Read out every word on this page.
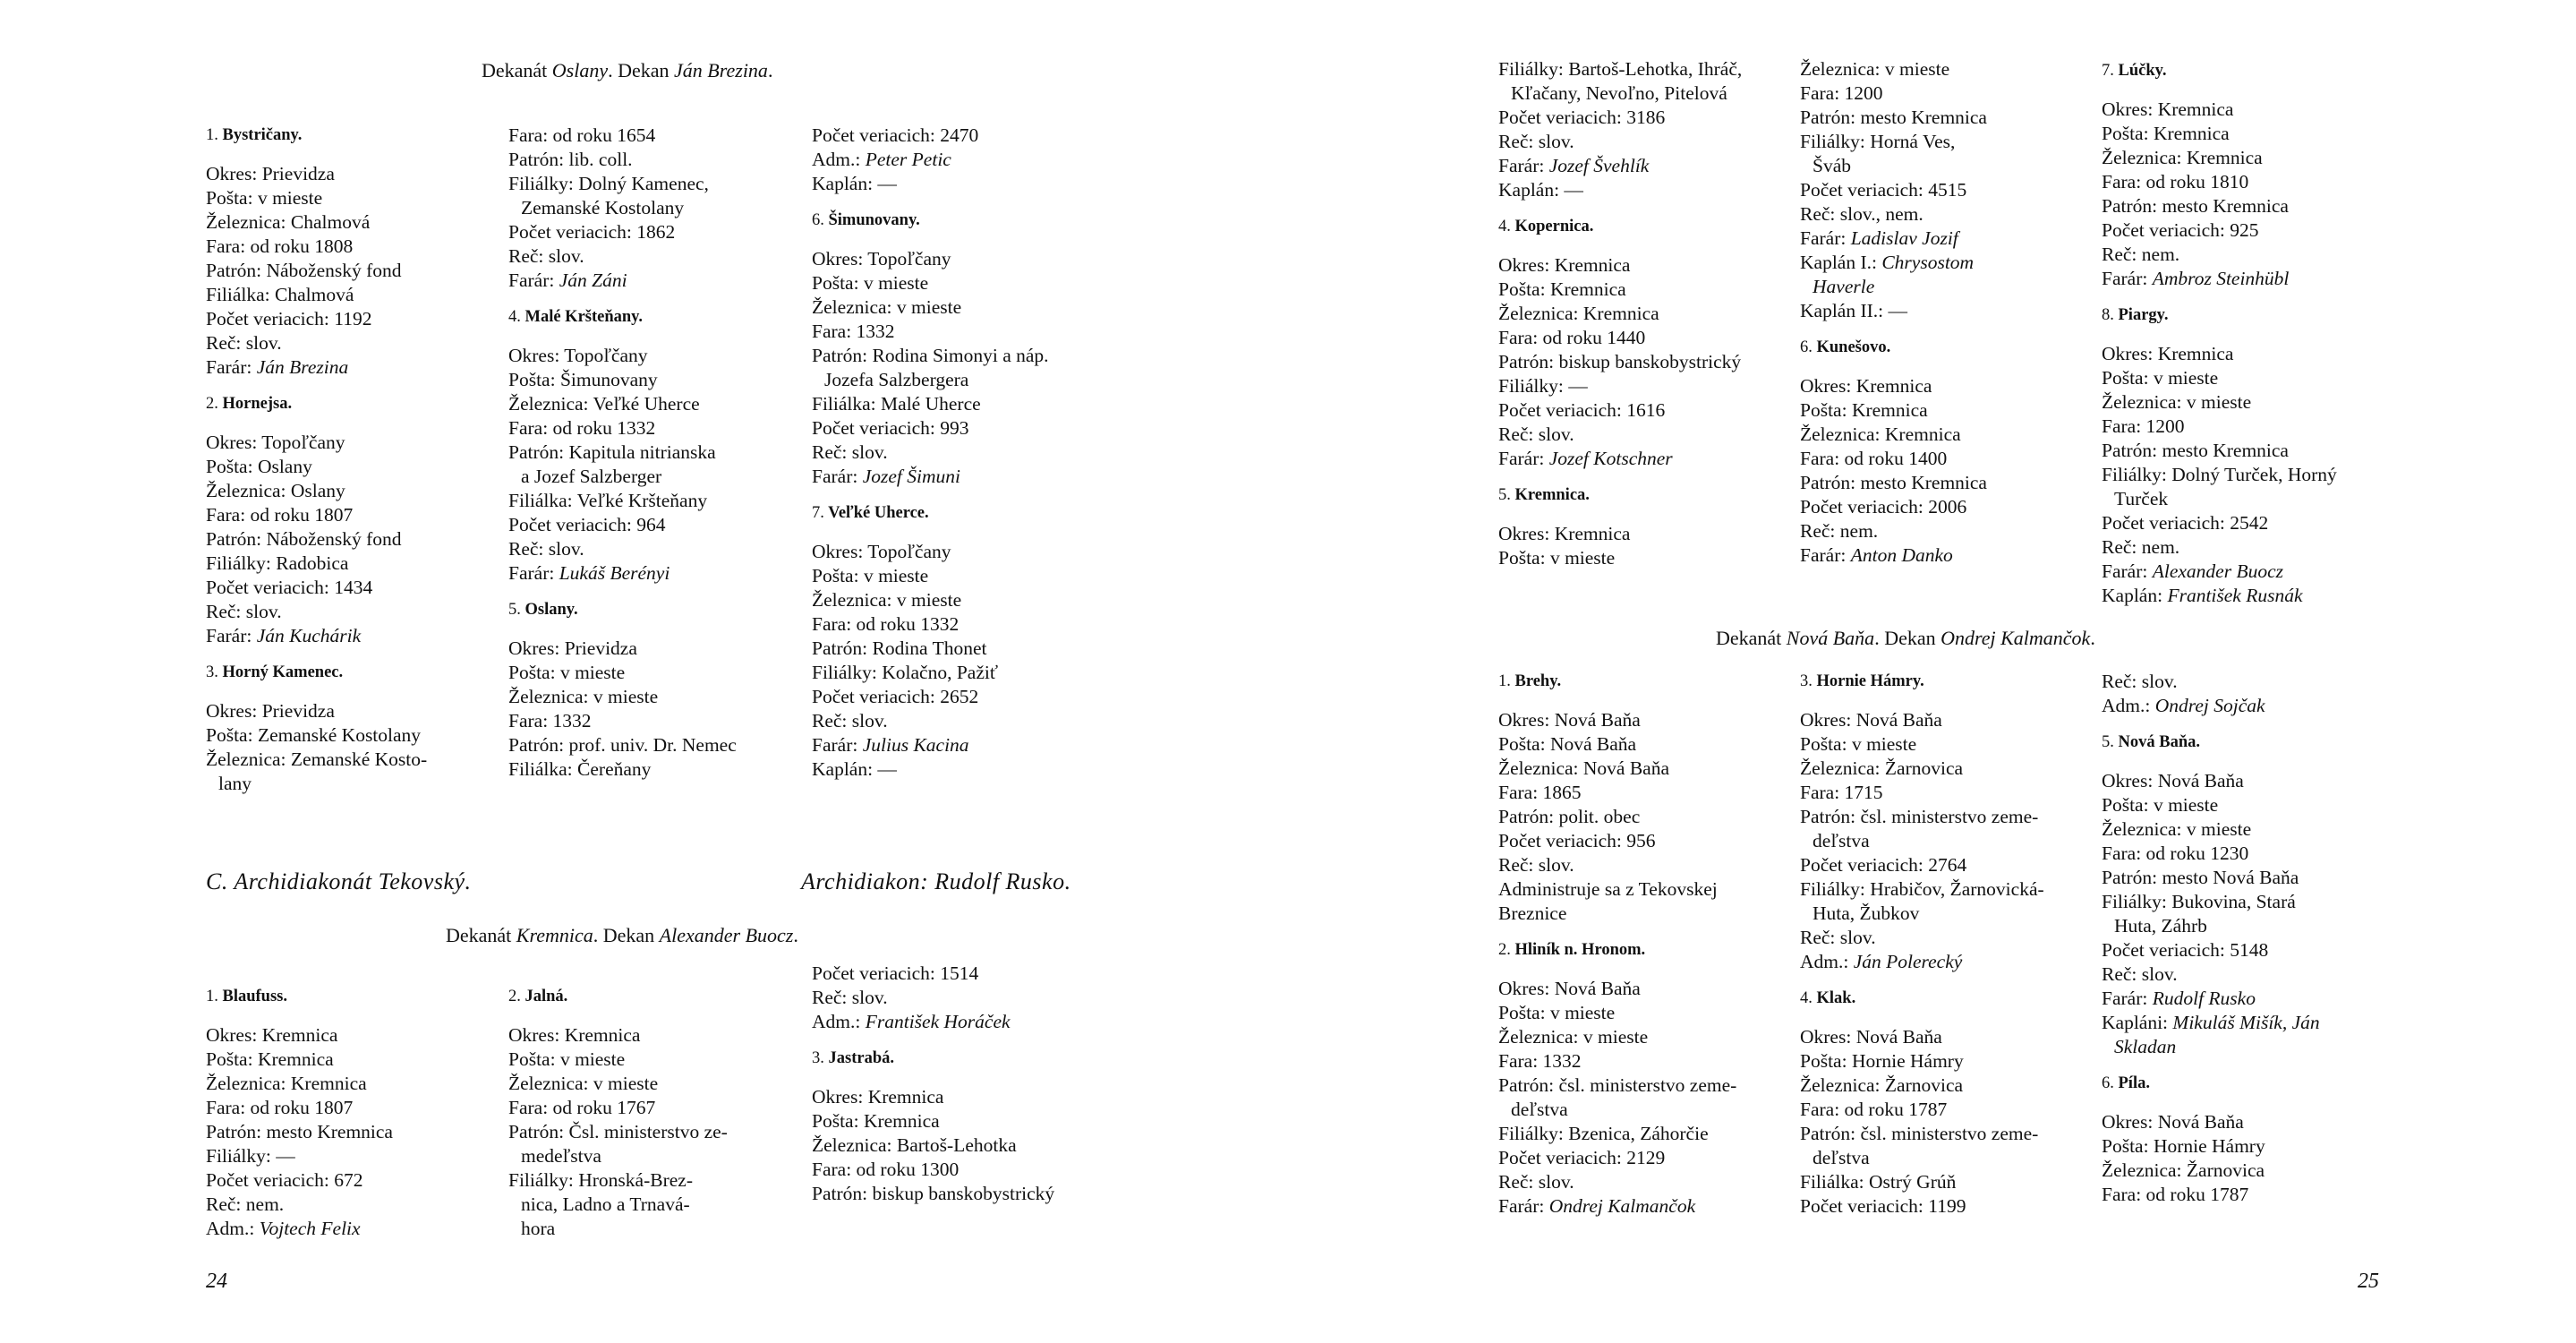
Dekanát Oslany. Dekan Ján Brezina.
1. Bystričany.
Okres: Prievidza
Pošta: v mieste
Železnica: Chalmová
Fara: od roku 1808
Patrón: Náboženský fond
Filiálka: Chalmová
Počet veriacich: 1192
Reč: slov.
Farár: Ján Brezina
2. Hornejsa.
Okres: Topoľčany
Pošta: Oslany
Železnica: Oslany
Fara: od roku 1807
Patrón: Náboženský fond
Filiálky: Radobica
Počet veriacich: 1434
Reč: slov.
Farár: Ján Kuchárik
3. Horný Kamenec.
Okres: Prievidza
Pošta: Zemanské Kostolany
Železnica: Zemanské Kosto-
lany
Fara: od roku 1654
Patrón: lib. coll.
Filiálky: Dolný Kamenec,
Zemanské Kostolany
Počet veriacich: 1862
Reč: slov.
Farár: Ján Záni
4. Malé Kršteňany.
Okres: Topoľčany
Pošta: Šimunovany
Železnica: Veľké Uherce
Fara: od roku 1332
Patrón: Kapitula nitrianska
a Jozef Salzberger
Filiálka: Veľké Kršteňany
Počet veriacich: 964
Reč: slov.
Farár: Lukáš Berényi
5. Oslany.
Okres: Prievidza
Pošta: v mieste
Železnica: v mieste
Fara: 1332
Patrón: prof. univ. Dr. Nemec
Filiálka: Čereňany
Počet veriacich: 2470
Adm.: Peter Petic
Kaplán: —
6. Šimunovany.
Okres: Topoľčany
Pošta: v mieste
Železnica: v mieste
Fara: 1332
Patrón: Rodina Simonyi a náp.
Jozefa Salzbergera
Filiálka: Malé Uherce
Počet veriacich: 993
Reč: slov.
Farár: Jozef Šimuni
7. Veľké Uherce.
Okres: Topoľčany
Pošta: v mieste
Železnica: v mieste
Fara: od roku 1332
Patrón: Rodina Thonet
Filiálky: Kolačno, Pažiť
Počet veriacich: 2652
Reč: slov.
Farár: Julius Kacina
Kaplán: —
C. Archidiakonát Tekovský.	Archidiakon: Rudolf Rusko.
Dekanát Kremnica. Dekan Alexander Buocz.
1. Blaufuss.
Okres: Kremnica
Pošta: Kremnica
Železnica: Kremnica
Fara: od roku 1807
Patrón: mesto Kremnica
Filiálky: —
Počet veriacich: 672
Reč: nem.
Adm.: Vojtech Felix
2. Jalná.
Okres: Kremnica
Pošta: v mieste
Železnica: v mieste
Fara: od roku 1767
Patrón: Čsl. ministerstvo ze-
medeľstva
Filiálky: Hronská-Brez-
nica, Ladno a Trnavá-
hora
Počet veriacich: 1514
Reč: slov.
Adm.: František Horáček
3. Jastrabá.
Okres: Kremnica
Pošta: Kremnica
Železnica: Bartoš-Lehotka
Fara: od roku 1300
Patrón: biskup banskobystrický
24
Filiálky: Bartoš-Lehotka, Ihráč,
Kľačany, Nevoľno, Pitelová
Počet veriacich: 3186
Reč: slov.
Farár: Jozef Švehlík
Kaplán: —
4. Kopernica.
Okres: Kremnica
Pošta: Kremnica
Železnica: Kremnica
Fara: od roku 1440
Patrón: biskup banskobystrický
Filiálky: —
Počet veriacich: 1616
Reč: slov.
Farár: Jozef Kotschner
5. Kremnica.
Okres: Kremnica
Pošta: v mieste
Železnica: v mieste
Fara: 1200
Patrón: mesto Kremnica
Filiálky: Horná Ves,
Šváb
Počet veriacich: 4515
Reč: slov., nem.
Farár: Ladislav Jozif
Kaplán I.: Chrysostom
Haverle
Kaplán II.: —
6. Kunešovo.
Okres: Kremnica
Pošta: Kremnica
Železnica: Kremnica
Fara: od roku 1400
Patrón: mesto Kremnica
Počet veriacich: 2006
Reč: nem.
Farár: Anton Danko
7. Lúčky.
Okres: Kremnica
Pošta: Kremnica
Železnica: Kremnica
Fara: od roku 1810
Patrón: mesto Kremnica
Počet veriacich: 925
Reč: nem.
Farár: Ambroz Steinhübl
8. Piargy.
Okres: Kremnica
Pošta: v mieste
Železnica: v mieste
Fara: 1200
Patrón: mesto Kremnica
Filiálky: Dolný Turček, Horný
Turček
Počet veriacich: 2542
Reč: nem.
Farár: Alexander Buocz
Kaplán: František Rusnák
Dekanát Nová Baňa. Dekan Ondrej Kalmančok.
1. Brehy.
Okres: Nová Baňa
Pošta: Nová Baňa
Železnica: Nová Baňa
Fara: 1865
Patrón: polit. obec
Počet veriacich: 956
Reč: slov.
Administruje sa z Tekovskej
Breznice
2. Hliník n. Hronom.
Okres: Nová Baňa
Pošta: v mieste
Železnica: v mieste
Fara: 1332
Patrón: čsl. ministerstvo zeme-
deľstva
Filiálky: Bzenica, Záhorčie
Počet veriacich: 2129
Reč: slov.
Farár: Ondrej Kalmančok
3. Hornie Hámry.
Okres: Nová Baňa
Pošta: v mieste
Železnica: Žarnovica
Fara: 1715
Patrón: čsl. ministerstvo zeme-
deľstva
Počet veriacich: 2764
Filiálky: Hrabičov, Žarnovická-
Huta, Žubkov
Reč: slov.
Adm.: Ján Polerecký
4. Klak.
Okres: Nová Baňa
Pošta: Hornie Hámry
Železnica: Žarnovica
Fara: od roku 1787
Patrón: čsl. ministerstvo zeme-
deľstva
Filiálka: Ostrý Grúň
Počet veriacich: 1199
Reč: slov.
Adm.: Ondrej Sojčak
5. Nová Baňa.
Okres: Nová Baňa
Pošta: v mieste
Železnica: v mieste
Fara: od roku 1230
Patrón: mesto Nová Baňa
Filiálky: Bukovina, Stará
Huta, Záhrb
Počet veriacich: 5148
Reč: slov.
Farár: Rudolf Rusko
Kapláni: Mikuláš Mišík, Ján
Skladan
6. Píla.
Okres: Nová Baňa
Pošta: Hornie Hámry
Železnica: Žarnovica
Fara: od roku 1787
25
